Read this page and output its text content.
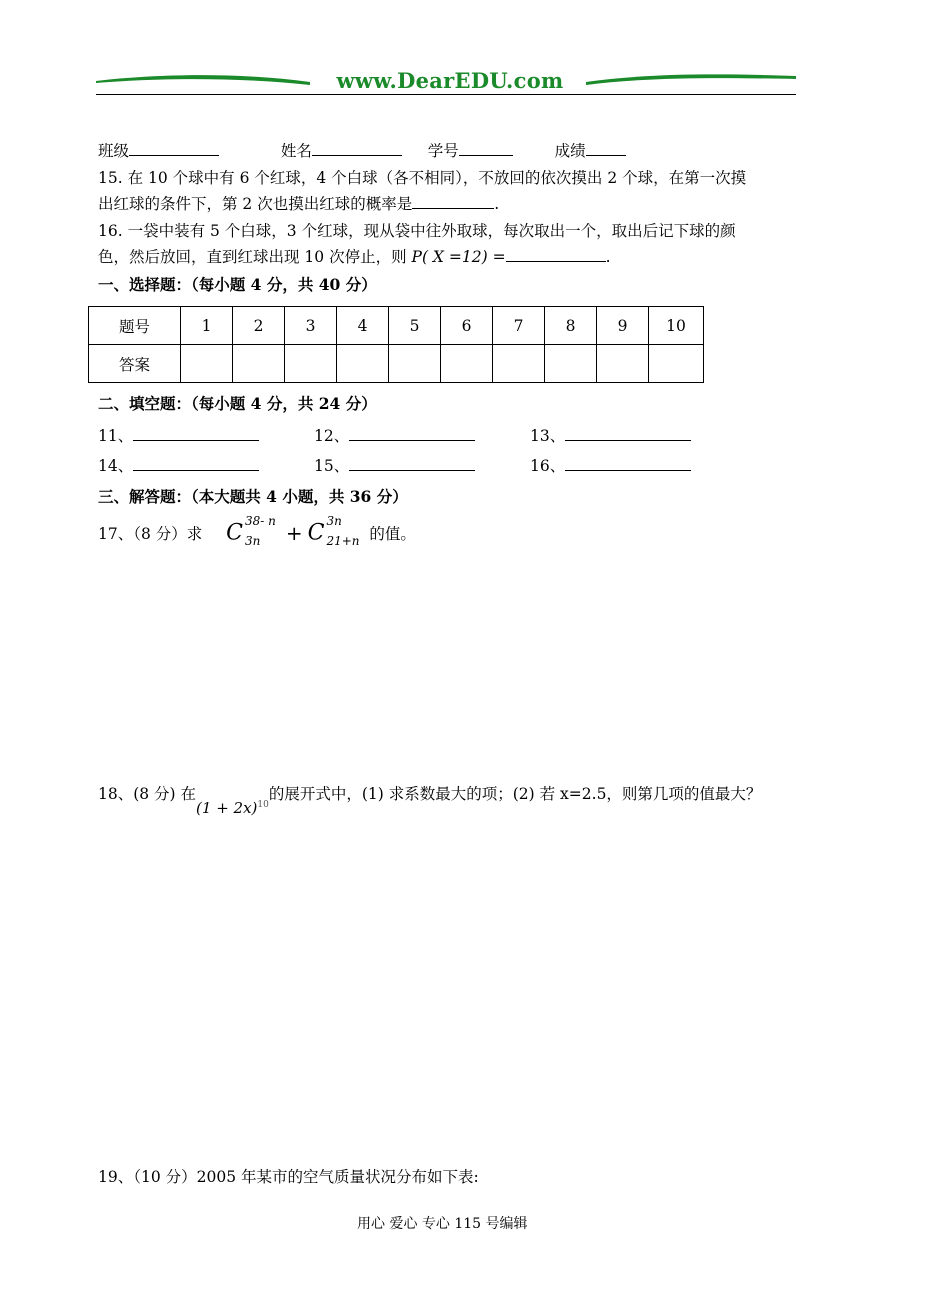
www.DearEDU.com
班级	姓名	学号	成绩
15. 在 10 个球中有 6 个红球，4 个白球（各不相同），不放回的依次摸出 2 个球，在第一次摸
出红球的条件下，第 2 次也摸出红球的概率是	.
16. 一袋中装有 5 个白球，3 个红球，现从袋中往外取球，每次取出一个，取出后记下球的颜
色，然后放回，直到红球出现 10 次停止，则 P( X =12) =	.
一、选择题：（每小题 4 分，共 40 分）
题号	1	2	3	4	5	6	7	8	9	10
答案										
二、填空题：（每小题 4 分，共 24 分）
11、	12、	13、
14、	15、	16、
三、解答题：（本大题共 4 小题，共 36 分）
17、（8 分）求 C 38- n
3n + C 3n
21+n 的值。
18、(8 分) 在$(1 + 2x)^{10}$的展开式中，(1) 求系数最大的项；(2) 若 x=2.5，则第几项的值最大？
19、（10 分）2005 年某市的空气质量状况分布如下表:
用心 爱心 专心 115 号编辑
